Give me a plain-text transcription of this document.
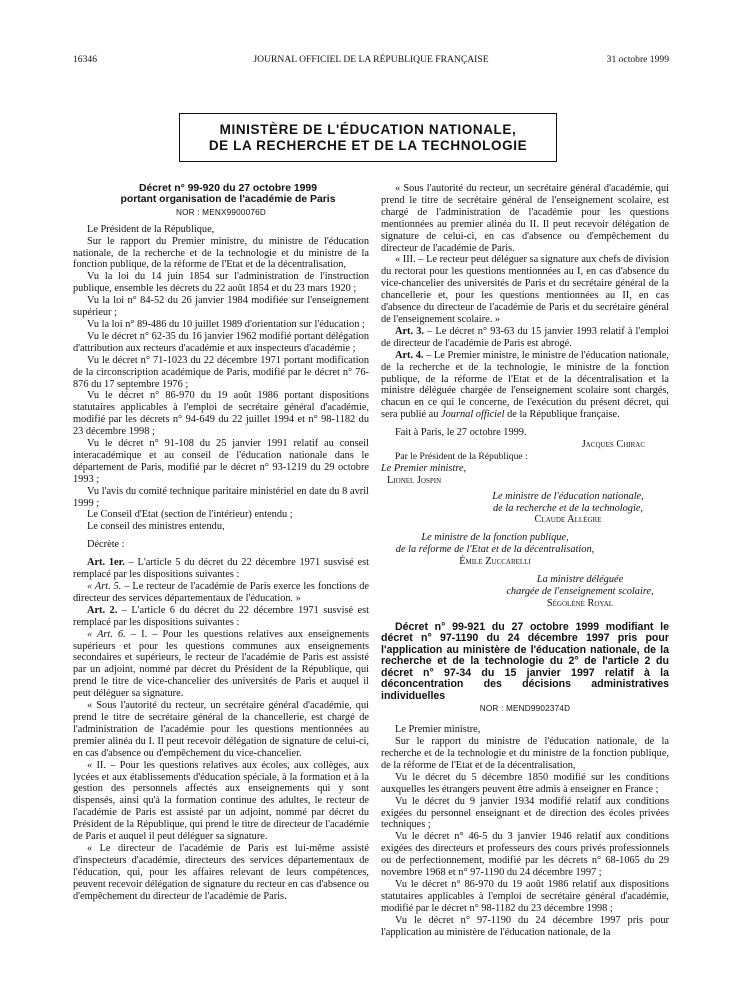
16346	JOURNAL OFFICIEL DE LA RÉPUBLIQUE FRANÇAISE	31 octobre 1999
MINISTÈRE DE L'ÉDUCATION NATIONALE,
DE LA RECHERCHE ET DE LA TECHNOLOGIE

Décret n° 99-920 du 27 octobre 1999

portant organisation de l'académie de Paris

NOR : MENX9900076D

Le Président de la République,

Sur le rapport du Premier ministre, du ministre de l'éducation nationale, de la recherche et de la technologie et du ministre de la fonction publique, de la réforme de l'Etat et de la décentralisation,

Vu la loi du 14 juin 1854 sur l'administration de l'instruction publique, ensemble les décrets du 22 août 1854 et du 23 mars 1920 ;

Vu la loi n° 84-52 du 26 janvier 1984 modifiée sur l'enseignement supérieur ;

Vu la loi n° 89-486 du 10 juillet 1989 d'orientation sur l'éducation ;

Vu le décret n° 62-35 du 16 janvier 1962 modifié portant délégation d'attribution aux recteurs d'académie et aux inspecteurs d'académie ;

Vu le décret n° 71-1023 du 22 décembre 1971 portant modification de la circonscription académique de Paris, modifié par le décret n° 76-876 du 17 septembre 1976 ;

Vu le décret n° 86-970 du 19 août 1986 portant dispositions statutaires applicables à l'emploi de secrétaire général d'académie, modifié par les décrets n° 94-649 du 22 juillet 1994 et n° 98-1182 du 23 décembre 1998 ;

Vu le décret n° 91-108 du 25 janvier 1991 relatif au conseil interacadémique et au conseil de l'éducation nationale dans le département de Paris, modifié par le décret n° 93-1219 du 29 octobre 1993 ;

Vu l'avis du comité technique paritaire ministériel en date du 8 avril 1999 ;

Le Conseil d'Etat (section de l'intérieur) entendu ;

Le conseil des ministres entendu,

Décrète :

Art. 1er. – L'article 5 du décret du 22 décembre 1971 susvisé est remplacé par les dispositions suivantes :

« Art. 5. – Le recteur de l'académie de Paris exerce les fonctions de directeur des services départementaux de l'éducation. »

Art. 2. – L'article 6 du décret du 22 décembre 1971 susvisé est remplacé par les dispositions suivantes :

« Art. 6. – I. – Pour les questions relatives aux enseignements supérieurs et pour les questions communes aux enseignements secondaires et supérieurs, le recteur de l'académie de Paris est assisté par un adjoint, nommé par décret du Président de la République, qui prend le titre de vice-chancelier des universités de Paris et auquel il peut déléguer sa signature.

« Sous l'autorité du recteur, un secrétaire général d'académie, qui prend le titre de secrétaire général de la chancellerie, est chargé de l'administration de l'académie pour les questions mentionnées au premier alinéa du I. Il peut recevoir délégation de signature de celui-ci, en cas d'absence ou d'empêchement du vice-chancelier.

« II. – Pour les questions relatives aux écoles, aux collèges, aux lycées et aux établissements d'éducation spéciale, à la formation et à la gestion des personnels affectés aux enseignements qui y sont dispensés, ainsi qu'à la formation continue des adultes, le recteur de l'académie de Paris est assisté par un adjoint, nommé par décret du Président de la République, qui prend le titre de directeur de l'académie de Paris et auquel il peut déléguer sa signature.

« Le directeur de l'académie de Paris est lui-même assisté d'inspecteurs d'académie, directeurs des services départementaux de l'éducation, qui, pour les affaires relevant de leurs compétences, peuvent recevoir délégation de signature du recteur en cas d'absence ou d'empêchement du directeur de l'académie de Paris.

« Sous l'autorité du recteur, un secrétaire général d'académie, qui prend le titre de secrétaire général de l'enseignement scolaire, est chargé de l'administration de l'académie pour les questions mentionnées au premier alinéa du II. Il peut recevoir délégation de signature de celui-ci, en cas d'absence ou d'empêchement du directeur de l'académie de Paris.

« III. – Le recteur peut déléguer sa signature aux chefs de division du rectorat pour les questions mentionnées au I, en cas d'absence du vice-chancelier des universités de Paris et du secrétaire général de la chancellerie et, pour les questions mentionnées au II, en cas d'absence du directeur de l'académie de Paris et du secrétaire général de l'enseignement scolaire. »

Art. 3. – Le décret n° 93-63 du 15 janvier 1993 relatif à l'emploi de directeur de l'académie de Paris est abrogé.

Art. 4. – Le Premier ministre, le ministre de l'éducation nationale, de la recherche et de la technologie, le ministre de la fonction publique, de la réforme de l'Etat et de la décentralisation et la ministre déléguée chargée de l'enseignement scolaire sont chargés, chacun en ce qui le concerne, de l'exécution du présent décret, qui sera publié au Journal officiel de la République française.

Fait à Paris, le 27 octobre 1999.

Jacques Chirac

Par le Président de la République :

Le Premier ministre,

Lionel Jospin

Le ministre de l'éducation nationale,
de la recherche et de la technologie,
Claude Allègre
Le ministre de la fonction publique,
de la réforme de l'Etat et de la décentralisation,
Émile Zuccarelli
La ministre déléguée
chargée de l'enseignement scolaire,
Ségolène Royal

Décret n° 99-921 du 27 octobre 1999 modifiant le décret n° 97-1190 du 24 décembre 1997 pris pour l'application au ministère de l'éducation nationale, de la recherche et de la technologie du 2° de l'article 2 du décret n° 97-34 du 15 janvier 1997 relatif à la déconcentration des décisions administratives individuelles

NOR : MEND9902374D

Le Premier ministre,

Sur le rapport du ministre de l'éducation nationale, de la recherche et de la technologie et du ministre de la fonction publique, de la réforme de l'Etat et de la décentralisation,

Vu le décret du 5 décembre 1850 modifié sur les conditions auxquelles les étrangers peuvent être admis à enseigner en France ;

Vu le décret du 9 janvier 1934 modifié relatif aux conditions exigées du personnel enseignant et de direction des écoles privées techniques ;

Vu le décret n° 46-5 du 3 janvier 1946 relatif aux conditions exigées des directeurs et professeurs des cours privés professionnels ou de perfectionnement, modifié par les décrets n° 68-1065 du 29 novembre 1968 et n° 97-1190 du 24 décembre 1997 ;

Vu le décret n° 86-970 du 19 août 1986 relatif aux dispositions statutaires applicables à l'emploi de secrétaire général d'académie, modifié par le décret n° 98-1182 du 23 décembre 1998 ;

Vu le décret n° 97-1190 du 24 décembre 1997 pris pour l'application au ministère de l'éducation nationale, de la
